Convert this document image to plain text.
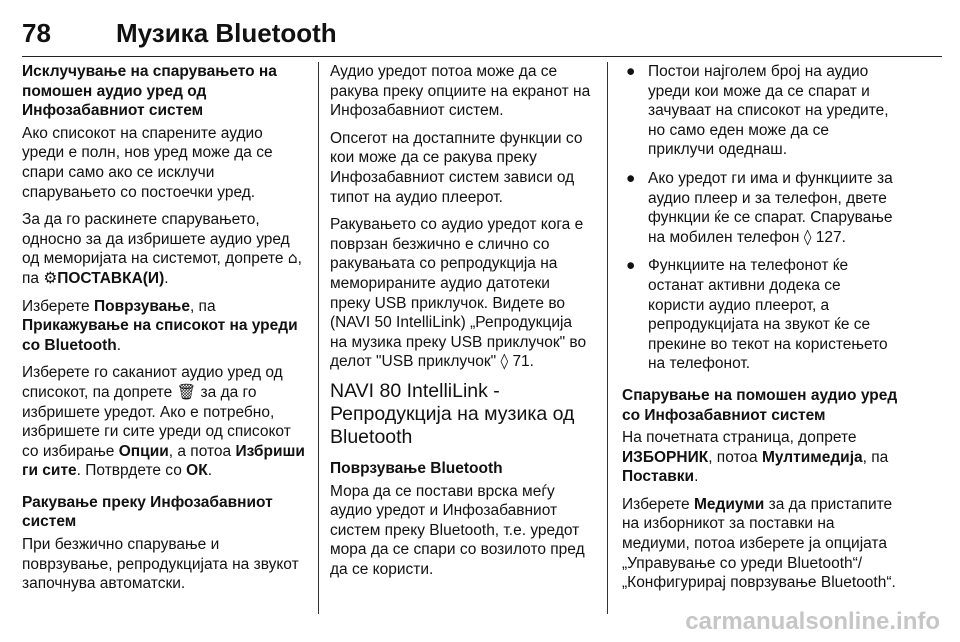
78	Музика Bluetooth
Исклучување на спарувањето на помошен аудио уред од Инфозабавниот систем

Ако списокот на спарените аудио уреди е полн, нов уред може да се спари само ако се исклучи спарувањето со постоечки уред.

За да го раскинете спарувањето, односно за да избришете аудио уред од меморијата на системот, допрете ⌂, па ⚙ПОСТАВКА(И).

Изберете Поврзување, па Прикажување на списокот на уреди со Bluetooth.

Изберете го саканиот аудио уред од списокот, па допрете 🗑 за да го избришете уредот. Ако е потребно, избришете ги сите уреди од списокот со избирање Опции, а потоа Избриши ги сите. Потврдете со ОК.

Ракување преку Инфозабавниот систем

При безжично спарување и поврзување, репродукцијата на звукот започнува автоматски.

Аудио уредот потоа може да се ракува преку опциите на екранот на Инфозабавниот систем.

Опсегот на достапните функции со кои може да се ракува преку Инфозабавниот систем зависи од типот на аудио плеерот.

Ракувањето со аудио уредот кога е поврзан безжично е слично со ракувањата со репродукција на меморираните аудио датотеки преку USB приклучок. Видете во (NAVI 50 IntelliLink) „Репродукција на музика преку USB приклучок" во делот "USB приклучок" ◊ 71.

NAVI 80 IntelliLink - Репродукција на музика од Bluetooth
Поврзување Bluetooth

Мора да се постави врска меѓу аудио уредот и Инфозабавниот систем преку Bluetooth, т.е. уредот мора да се спари со возилото пред да се користи.

● Постои најголем број на аудио уреди кои може да се спарат и зачуваат на списокот на уредите, но само еден може да се приклучи одеднаш.
● Ако уредот ги има и функциите за аудио плеер и за телефон, двете функции ќе се спарат. Спарување на мобилен телефон ◊ 127.
● Функциите на телефонот ќе останат активни додека се користи аудио плеерот, а репродукцијата на звукот ќе се прекине во текот на користењето на телефонот.
Спарување на помошен аудио уред со Инфозабавниот систем

На почетната страница, допрете ИЗБОРНИК, потоа Мултимедија, па Поставки.

Изберете Медиуми за да пристапите на изборникот за поставки на медиуми, потоа изберете ја опцијата „Управување со уреди Bluetooth“/„Конфигурирај поврзување Bluetooth“.

carmanualsonline.info
